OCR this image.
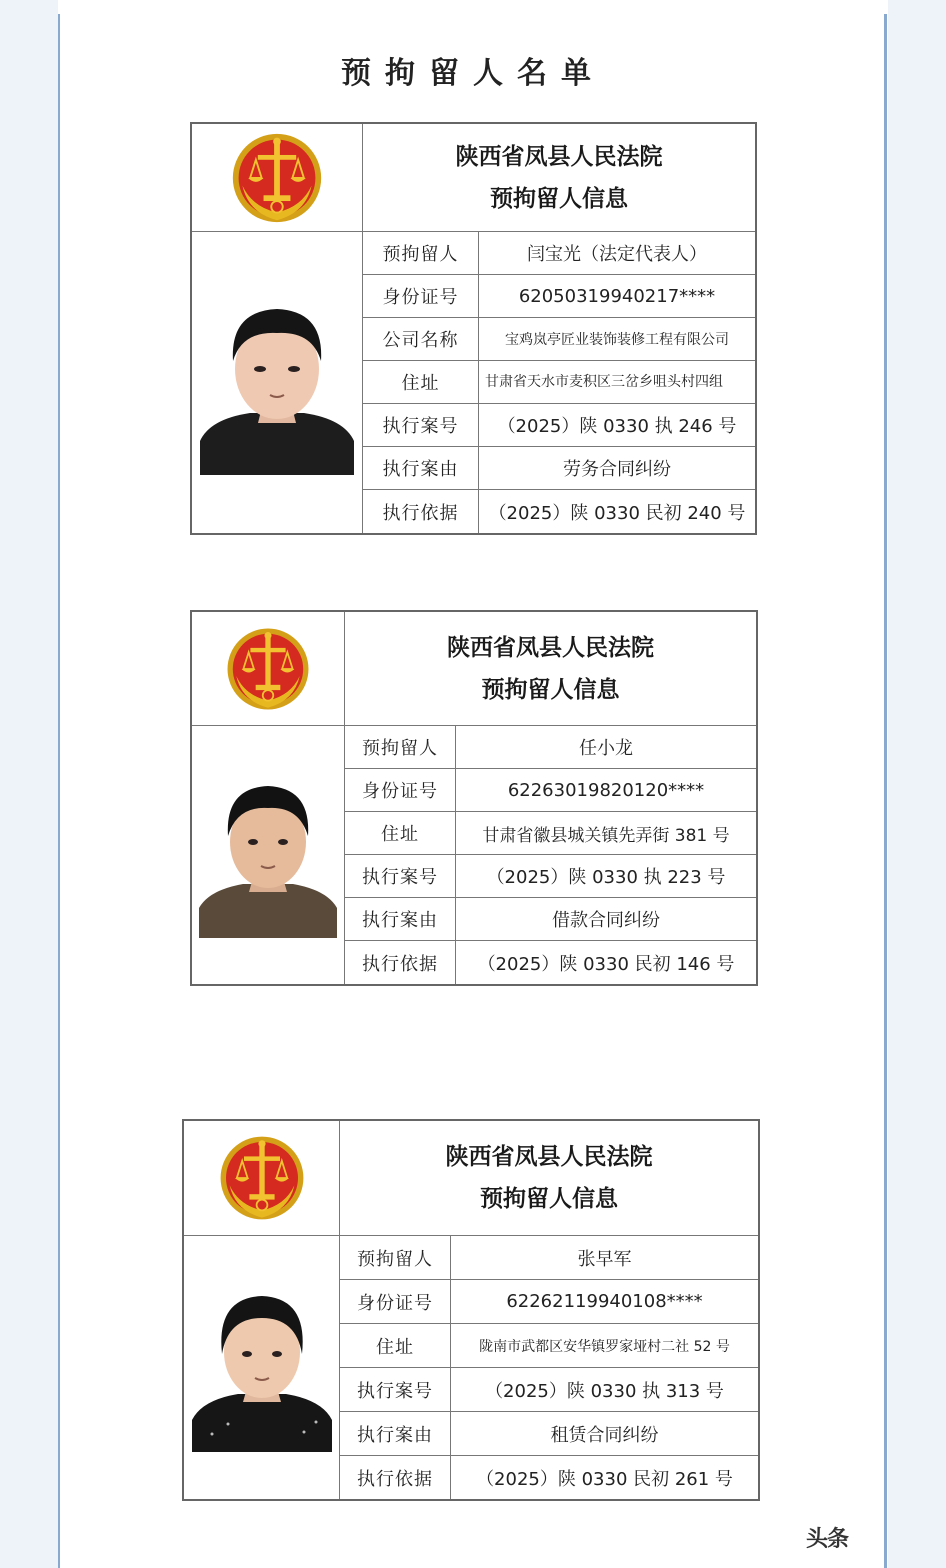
预拘留人名单
陕西省凤县人民法院
预拘留人信息
预拘留人	闫宝光（法定代表人）
身份证号	62050319940217****
公司名称	宝鸡岚亭匠业装饰装修工程有限公司
住址	甘肃省天水市麦积区三岔乡咀头村四组
执行案号	（2025）陕 0330 执 246 号
执行案由	劳务合同纠纷
执行依据	（2025）陕 0330 民初 240 号
陕西省凤县人民法院
预拘留人信息
预拘留人	任小龙
身份证号	62263019820120****
住址	甘肃省徽县城关镇先弄街 381 号
执行案号	（2025）陕 0330 执 223 号
执行案由	借款合同纠纷
执行依据	（2025）陕 0330 民初 146 号
陕西省凤县人民法院
预拘留人信息
预拘留人	张早军
身份证号	62262119940108****
住址	陇南市武都区安华镇罗家垭村二社 52 号
执行案号	（2025）陕 0330 执 313 号
执行案由	租赁合同纠纷
执行依据	（2025）陕 0330 民初 261 号
头条
